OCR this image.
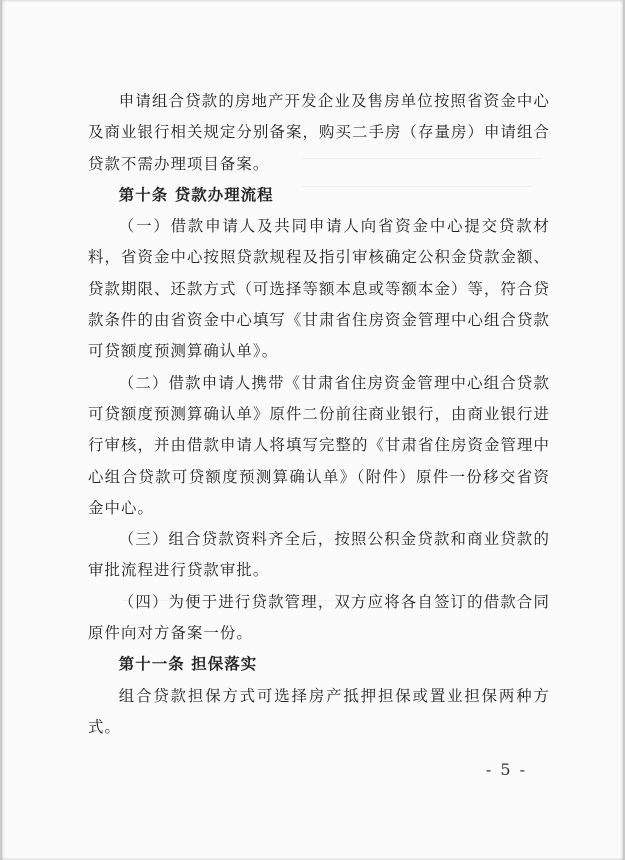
申请组合贷款的房地产开发企业及售房单位按照省资金中心及商业银行相关规定分别备案，购买二手房（存量房）申请组合贷款不需办理项目备案。

第十条 贷款办理流程

（一）借款申请人及共同申请人向省资金中心提交贷款材料，省资金中心按照贷款规程及指引审核确定公积金贷款金额、贷款期限、还款方式（可选择等额本息或等额本金）等，符合贷款条件的由省资金中心填写《甘肃省住房资金管理中心组合贷款可贷额度预测算确认单》。

（二）借款申请人携带《甘肃省住房资金管理中心组合贷款可贷额度预测算确认单》原件二份前往商业银行，由商业银行进行审核，并由借款申请人将填写完整的《甘肃省住房资金管理中心组合贷款可贷额度预测算确认单》（附件）原件一份移交省资金中心。

（三）组合贷款资料齐全后，按照公积金贷款和商业贷款的审批流程进行贷款审批。

（四）为便于进行贷款管理，双方应将各自签订的借款合同原件向对方备案一份。

第十一条 担保落实

组合贷款担保方式可选择房产抵押担保或置业担保两种方式。

- 5 -
